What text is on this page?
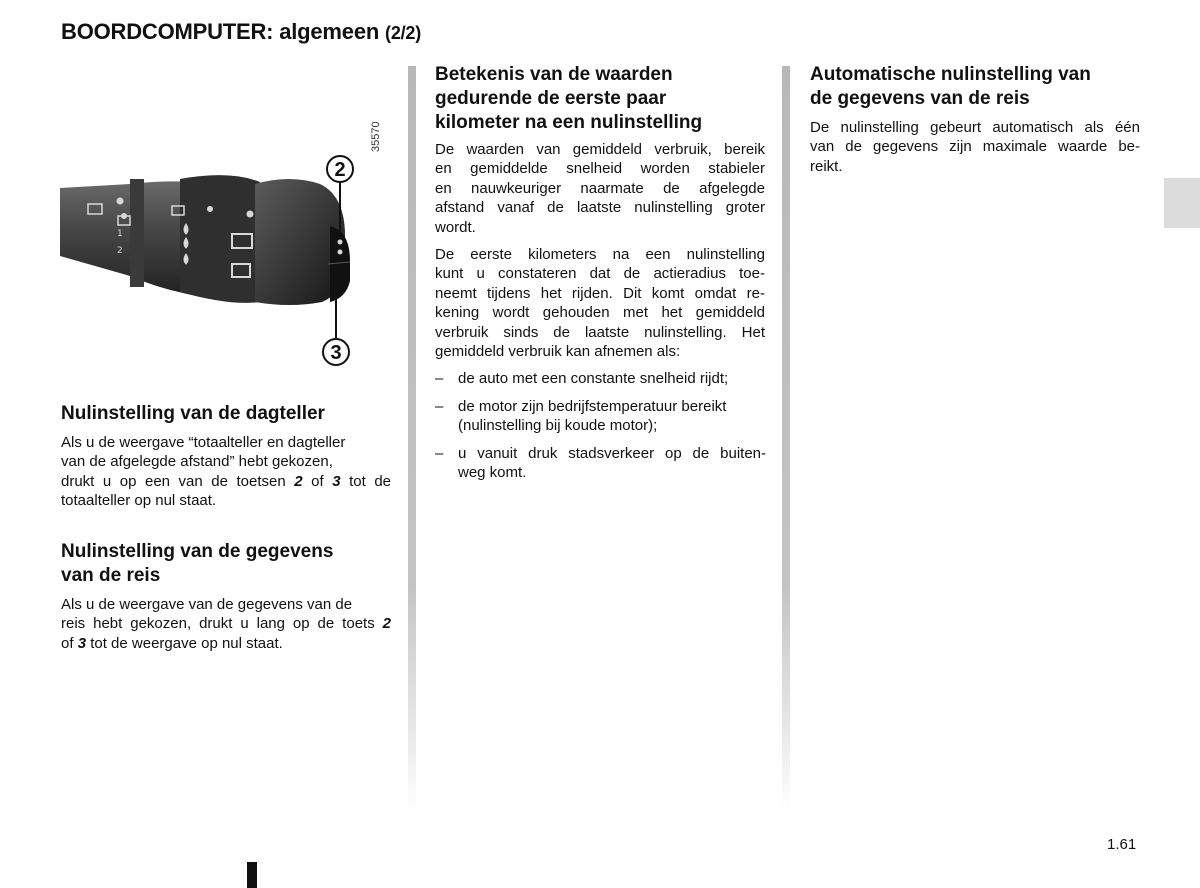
BOORDCOMPUTER: algemeen (2/2)
1
2
2
3
35570
Nulinstelling van de dagteller
Als u de weergave “totaalteller en dagteller
van de afgelegde afstand” hebt gekozen,
drukt u op een van de toetsen 2 of 3 tot de
totaalteller op nul staat.
Nulinstelling van de gegevens
van de reis
Als u de weergave van de gegevens van de
reis hebt gekozen, drukt u lang op de toets 2
of 3 tot de weergave op nul staat.
Betekenis van de waarden
gedurende de eerste paar
kilometer na een nulinstelling
De waarden van gemiddeld verbruik, bereik
en gemiddelde snelheid worden stabieler
en nauwkeuriger naarmate de afgelegde
afstand vanaf de laatste nulinstelling groter
wordt.
De eerste kilometers na een nulinstelling
kunt u constateren dat de actieradius toe-
neemt tijdens het rijden. Dit komt omdat re-
kening wordt gehouden met het gemiddeld
verbruik sinds de laatste nulinstelling. Het
gemiddeld verbruik kan afnemen als:
– de auto met een constante snelheid rijdt;
– de motor zijn bedrijfstemperatuur bereikt
(nulinstelling bij koude motor);
– u vanuit druk stadsverkeer op de buiten-
weg komt.
Automatische nulinstelling van
de gegevens van de reis
De nulinstelling gebeurt automatisch als één
van de gegevens zijn maximale waarde be-
reikt.
1.61
